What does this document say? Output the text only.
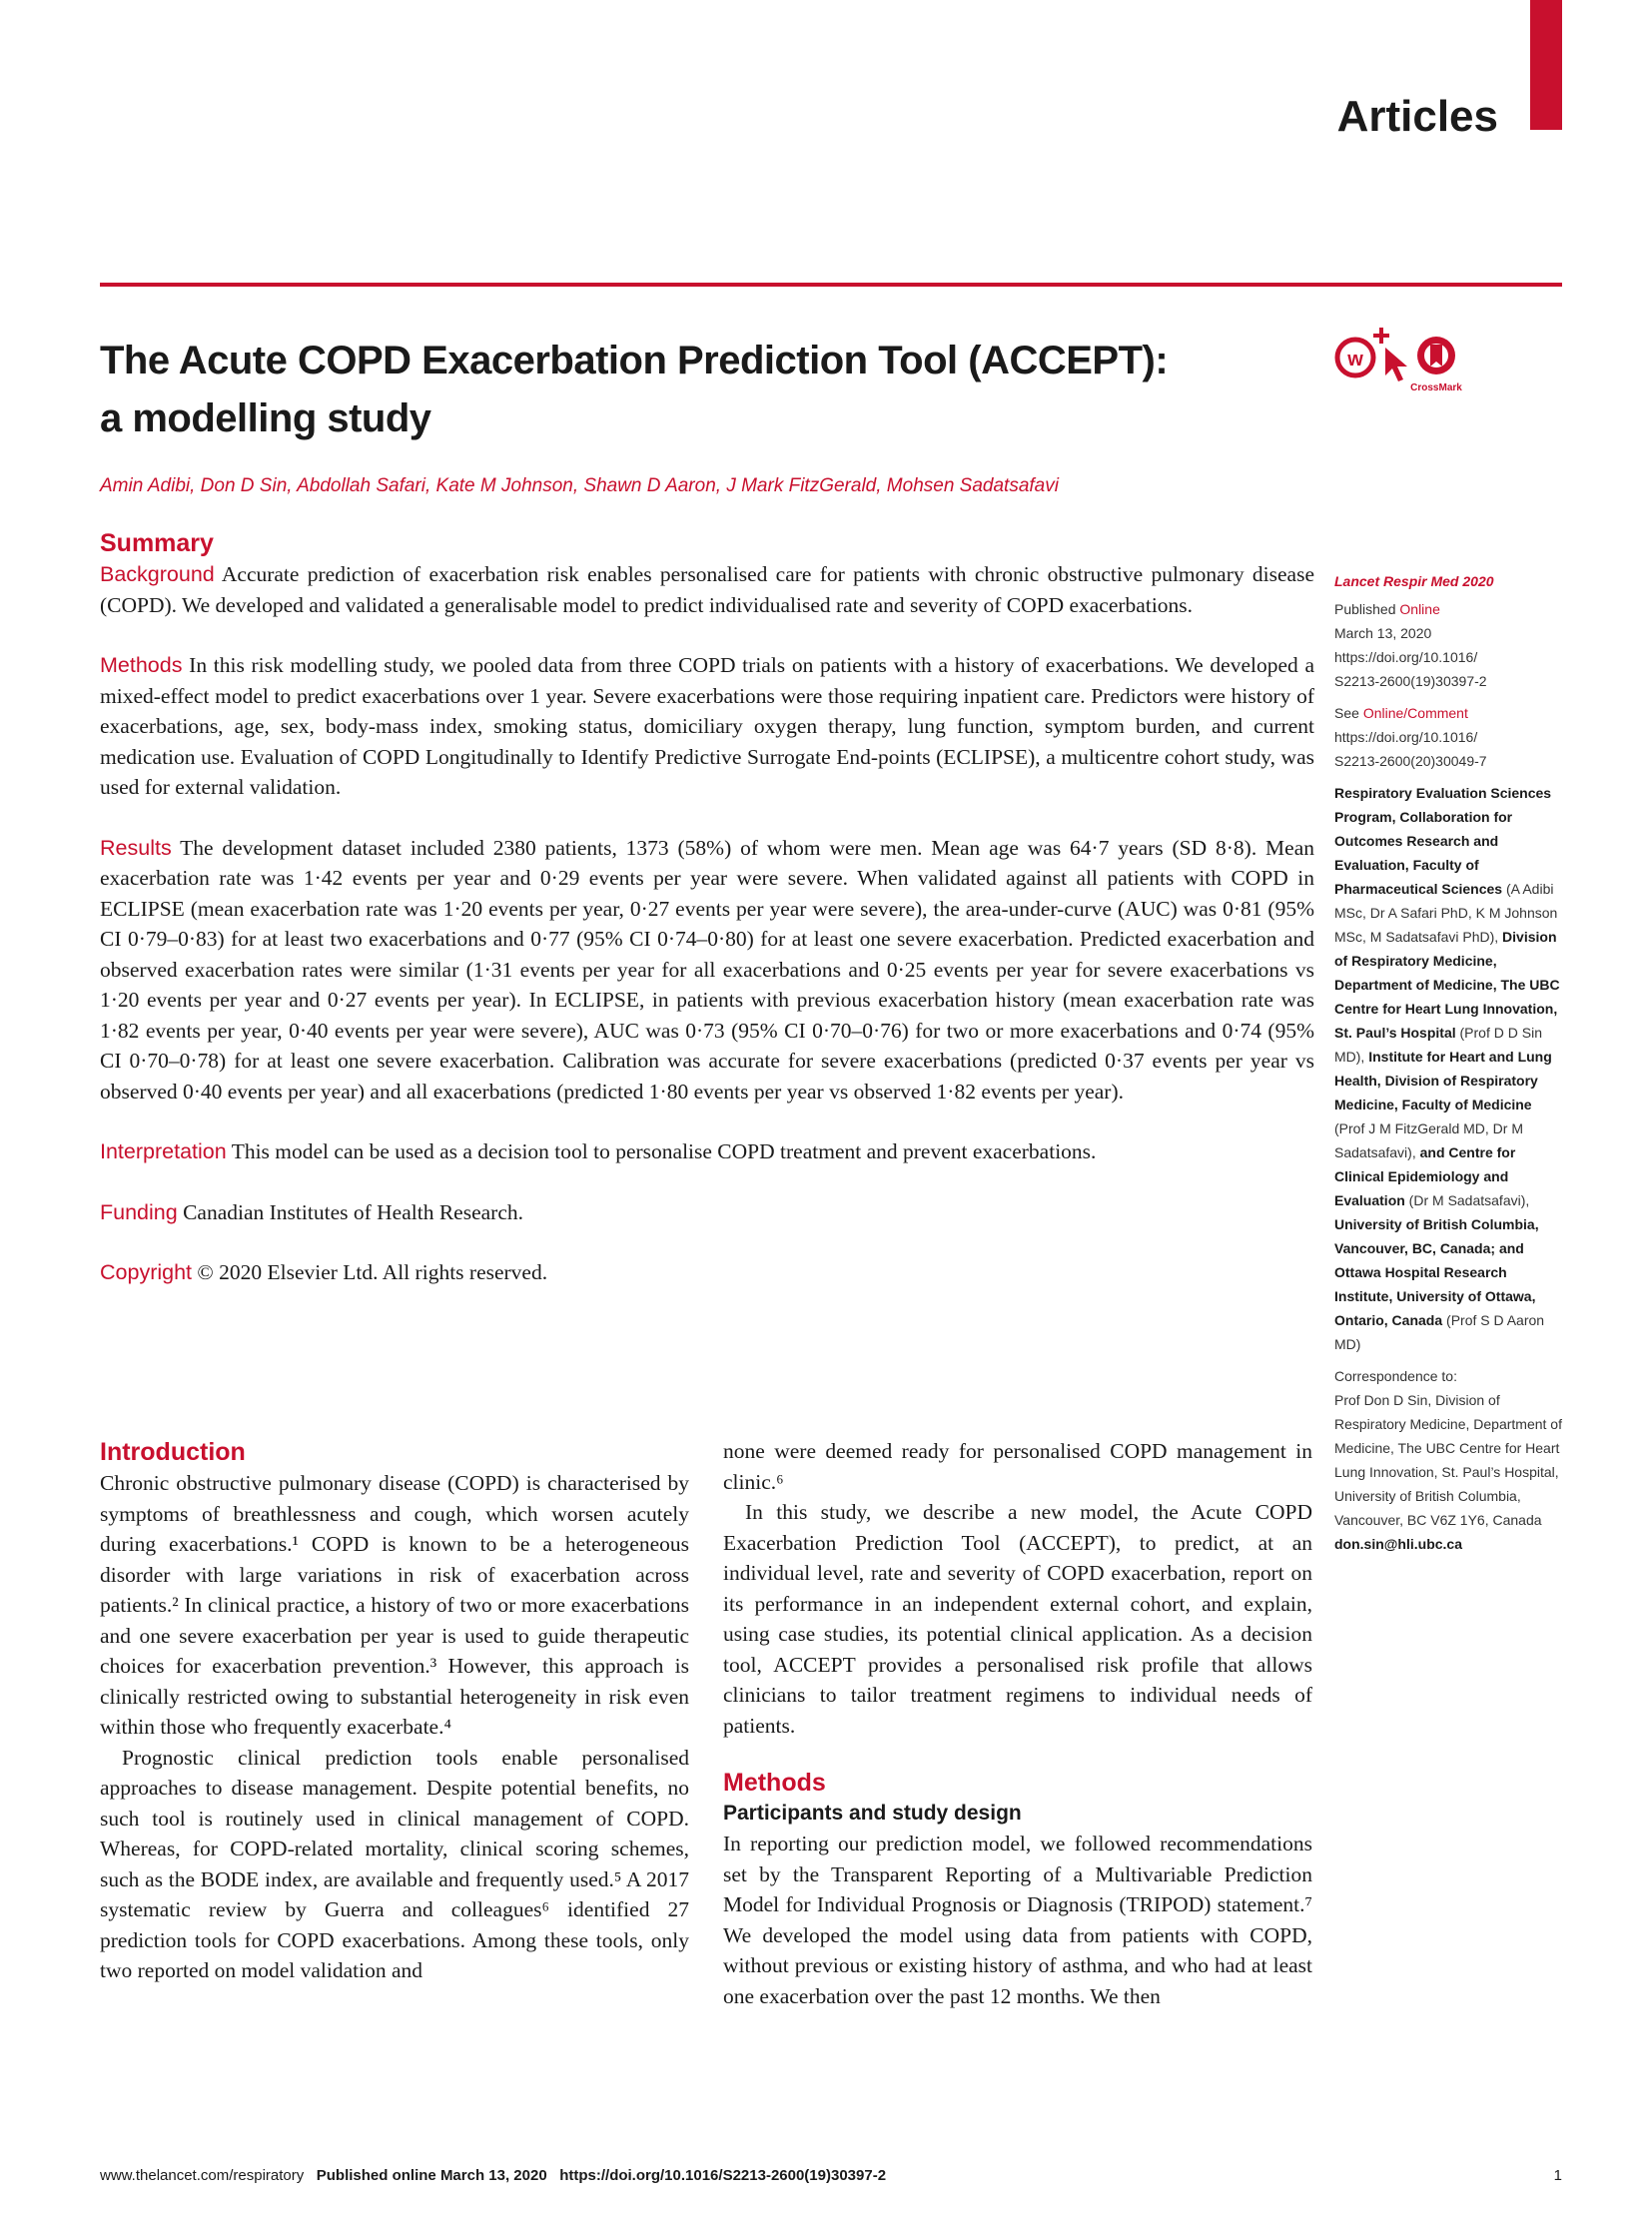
Articles
The Acute COPD Exacerbation Prediction Tool (ACCEPT):
a modelling study
w
CrossMark
Amin Adibi, Don D Sin, Abdollah Safari, Kate M Johnson, Shawn D Aaron, J Mark FitzGerald, Mohsen Sadatsafavi
Summary

Background Accurate prediction of exacerbation risk enables personalised care for patients with chronic obstructive pulmonary disease (COPD). We developed and validated a generalisable model to predict individualised rate and severity of COPD exacerbations.

Methods In this risk modelling study, we pooled data from three COPD trials on patients with a history of exacerbations. We developed a mixed-effect model to predict exacerbations over 1 year. Severe exacerbations were those requiring inpatient care. Predictors were history of exacerbations, age, sex, body-mass index, smoking status, domiciliary oxygen therapy, lung function, symptom burden, and current medication use. Evaluation of COPD Longitudinally to Identify Predictive Surrogate End-points (ECLIPSE), a multicentre cohort study, was used for external validation.

Results The development dataset included 2380 patients, 1373 (58%) of whom were men. Mean age was 64·7 years (SD 8·8). Mean exacerbation rate was 1·42 events per year and 0·29 events per year were severe. When validated against all patients with COPD in ECLIPSE (mean exacerbation rate was 1·20 events per year, 0·27 events per year were severe), the area-under-curve (AUC) was 0·81 (95% CI 0·79–0·83) for at least two exacerbations and 0·77 (95% CI 0·74–0·80) for at least one severe exacerbation. Predicted exacerbation and observed exacerbation rates were similar (1·31 events per year for all exacerbations and 0·25 events per year for severe exacerbations vs 1·20 events per year and 0·27 events per year). In ECLIPSE, in patients with previous exacerbation history (mean exacerbation rate was 1·82 events per year, 0·40 events per year were severe), AUC was 0·73 (95% CI 0·70–0·76) for two or more exacerbations and 0·74 (95% CI 0·70–0·78) for at least one severe exacerbation. Calibration was accurate for severe exacerbations (predicted 0·37 events per year vs observed 0·40 events per year) and all exacerbations (predicted 1·80 events per year vs observed 1·82 events per year).

Interpretation This model can be used as a decision tool to personalise COPD treatment and prevent exacerbations.

Funding Canadian Institutes of Health Research.

Copyright © 2020 Elsevier Ltd. All rights reserved.

Lancet Respir Med 2020

Published Online
March 13, 2020
https://doi.org/10.1016/
S2213-2600(19)30397-2

See Online/Comment
https://doi.org/10.1016/
S2213-2600(20)30049-7

Respiratory Evaluation Sciences Program, Collaboration for Outcomes Research and Evaluation, Faculty of Pharmaceutical Sciences (A Adibi MSc, Dr A Safari PhD, K M Johnson MSc, M Sadatsafavi PhD), Division of Respiratory Medicine, Department of Medicine, The UBC Centre for Heart Lung Innovation, St. Paul’s Hospital (Prof D D Sin MD), Institute for Heart and Lung Health, Division of Respiratory Medicine, Faculty of Medicine (Prof J M FitzGerald MD, Dr M Sadatsafavi), and Centre for Clinical Epidemiology and Evaluation (Dr M Sadatsafavi), University of British Columbia, Vancouver, BC, Canada; and Ottawa Hospital Research Institute, University of Ottawa, Ontario, Canada (Prof S D Aaron MD)

Correspondence to:
Prof Don D Sin, Division of Respiratory Medicine, Department of Medicine, The UBC Centre for Heart Lung Innovation, St. Paul’s Hospital, University of British Columbia, Vancouver, BC V6Z 1Y6, Canada
don.sin@hli.ubc.ca

Introduction

Chronic obstructive pulmonary disease (COPD) is characterised by symptoms of breathlessness and cough, which worsen acutely during exacerbations.¹ COPD is known to be a heterogeneous disorder with large variations in risk of exacerbation across patients.² In clinical practice, a history of two or more exacerbations and one severe exacerbation per year is used to guide therapeutic choices for exacerbation prevention.³ However, this approach is clinically restricted owing to substantial heterogeneity in risk even within those who frequently exacerbate.⁴

Prognostic clinical prediction tools enable personalised approaches to disease management. Despite potential benefits, no such tool is routinely used in clinical management of COPD. Whereas, for COPD-related mortality, clinical scoring schemes, such as the BODE index, are available and frequently used.⁵ A 2017 systematic review by Guerra and colleagues⁶ identified 27 prediction tools for COPD exacerbations. Among these tools, only two reported on model validation and

none were deemed ready for personalised COPD management in clinic.⁶

In this study, we describe a new model, the Acute COPD Exacerbation Prediction Tool (ACCEPT), to predict, at an individual level, rate and severity of COPD exacerbation, report on its performance in an independent external cohort, and explain, using case studies, its potential clinical application. As a decision tool, ACCEPT provides a personalised risk profile that allows clinicians to tailor treatment regimens to individual needs of patients.

Methods
Participants and study design

In reporting our prediction model, we followed recommendations set by the Transparent Reporting of a Multivariable Prediction Model for Individual Prognosis or Diagnosis (TRIPOD) statement.⁷ We developed the model using data from patients with COPD, without previous or existing history of asthma, and who had at least one exacerbation over the past 12 months. We then

www.thelancet.com/respiratory Published online March 13, 2020 https://doi.org/10.1016/S2213-2600(19)30397-2	1
